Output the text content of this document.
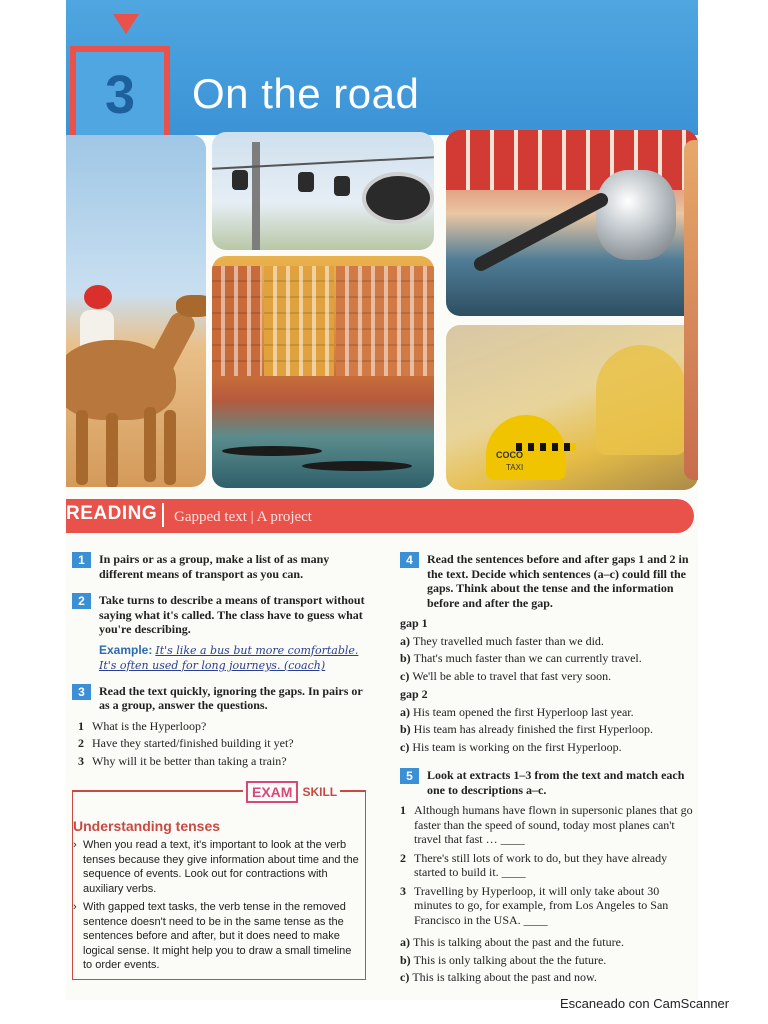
3 On the road
COCO
TAXI
READING Gapped text | A project
1	In pairs or as a group, make a list of as many different means of transport as you can.
2	Take turns to describe a means of transport without saying what it's called. The class have to guess what you're describing.
Example: It's like a bus but more comfortable. It's often used for long journeys. (coach)
3	Read the text quickly, ignoring the gaps. In pairs or as a group, answer the questions.
1 What is the Hyperloop?
2 Have they started/finished building it yet?
3 Why will it be better than taking a train?
EXAM SKILL
Understanding tenses
› When you read a text, it's important to look at the verb tenses because they give information about time and the sequence of events. Look out for contractions with auxiliary verbs.
› With gapped text tasks, the verb tense in the removed sentence doesn't need to be in the same tense as the sentences before and after, but it does need to make logical sense. It might help you to draw a small timeline to order events.
4	Read the sentences before and after gaps 1 and 2 in the text. Decide which sentences (a–c) could fill the gaps. Think about the tense and the information before and after the gap.
gap 1
a) They travelled much faster than we did.
b) That's much faster than we can currently travel.
c) We'll be able to travel that fast very soon.
gap 2
a) His team opened the first Hyperloop last year.
b) His team has already finished the first Hyperloop.
c) His team is working on the first Hyperloop.
5	Look at extracts 1–3 from the text and match each one to descriptions a–c.
1 Although humans have flown in supersonic planes that go faster than the speed of sound, today most planes can't travel that fast … ____
2 There's still lots of work to do, but they have already started to build it. ____
3 Travelling by Hyperloop, it will only take about 30 minutes to go, for example, from Los Angeles to San Francisco in the USA. ____
a) This is talking about the past and the future.
b) This is only talking about the the future.
c) This is talking about the past and now.
Escaneado con CamScanner
